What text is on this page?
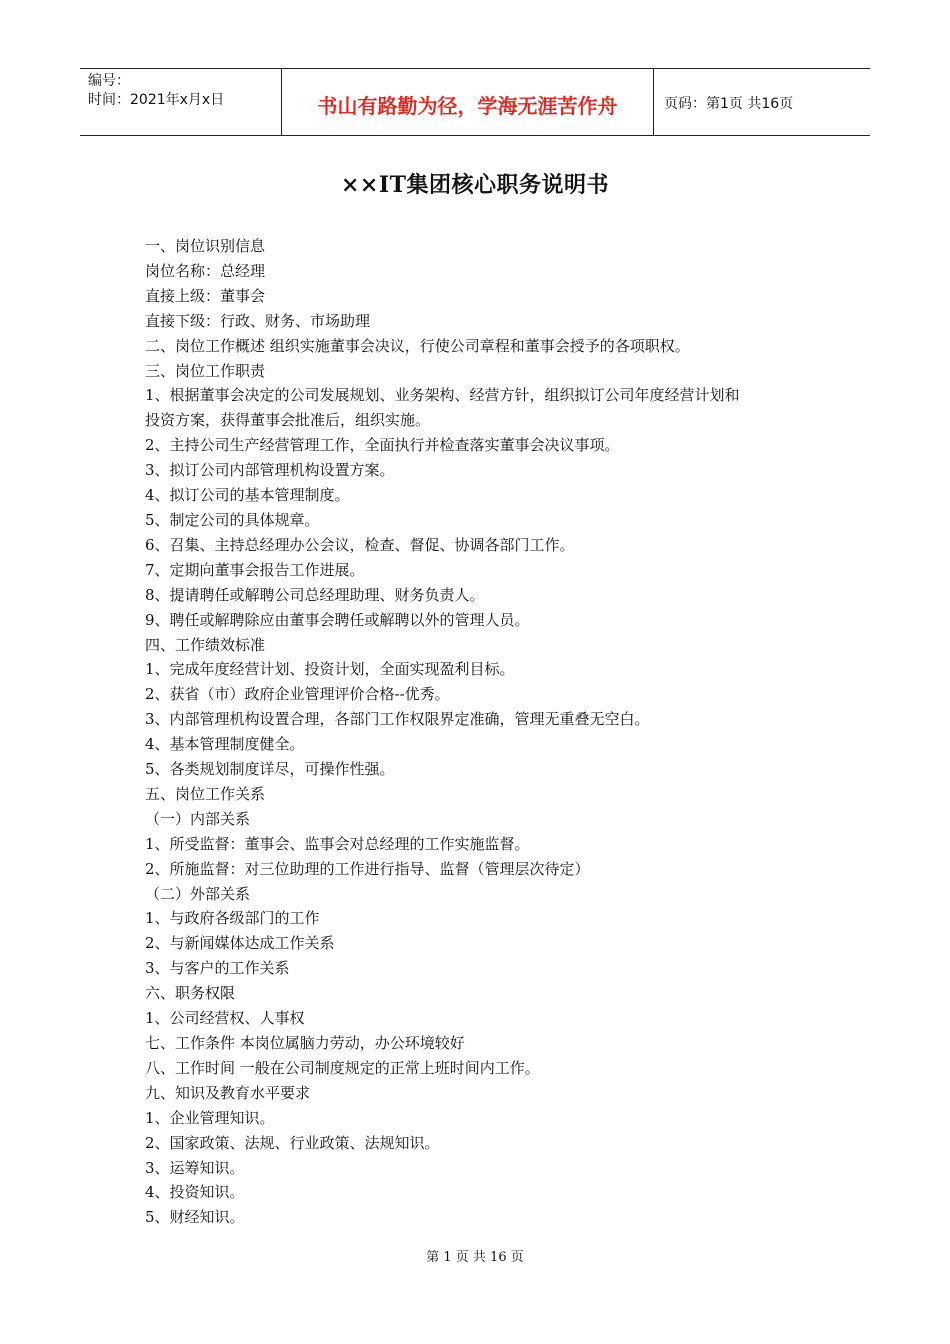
编号：
时间：2021年x月x日	书山有路勤为径，学海无涯苦作舟	页码：第1页 共16页
××IT集团核心职务说明书

一、岗位识别信息

岗位名称：总经理

直接上级：董事会

直接下级：行政、财务、市场助理

二、岗位工作概述 组织实施董事会决议，行使公司章程和董事会授予的各项职权。

三、岗位工作职责

1、根据董事会决定的公司发展规划、业务架构、经营方针，组织拟订公司年度经营计划和

投资方案，获得董事会批准后，组织实施。

2、主持公司生产经营管理工作，全面执行并检查落实董事会决议事项。

3、拟订公司内部管理机构设置方案。

4、拟订公司的基本管理制度。

5、制定公司的具体规章。

6、召集、主持总经理办公会议，检查、督促、协调各部门工作。

7、定期向董事会报告工作进展。

8、提请聘任或解聘公司总经理助理、财务负责人。

9、聘任或解聘除应由董事会聘任或解聘以外的管理人员。

四、工作绩效标准

1、完成年度经营计划、投资计划，全面实现盈利目标。

2、获省（市）政府企业管理评价合格--优秀。

3、内部管理机构设置合理，各部门工作权限界定准确，管理无重叠无空白。

4、基本管理制度健全。

5、各类规划制度详尽，可操作性强。

五、岗位工作关系

（一）内部关系

1、所受监督：董事会、监事会对总经理的工作实施监督。

2、所施监督：对三位助理的工作进行指导、监督（管理层次待定）

（二）外部关系

1、与政府各级部门的工作

2、与新闻媒体达成工作关系

3、与客户的工作关系

六、职务权限

1、公司经营权、人事权

七、工作条件 本岗位属脑力劳动，办公环境较好

八、工作时间 一般在公司制度规定的正常上班时间内工作。

九、知识及教育水平要求

1、企业管理知识。

2、国家政策、法规、行业政策、法规知识。

3、运筹知识。

4、投资知识。

5、财经知识。

第 1 页 共 16 页
